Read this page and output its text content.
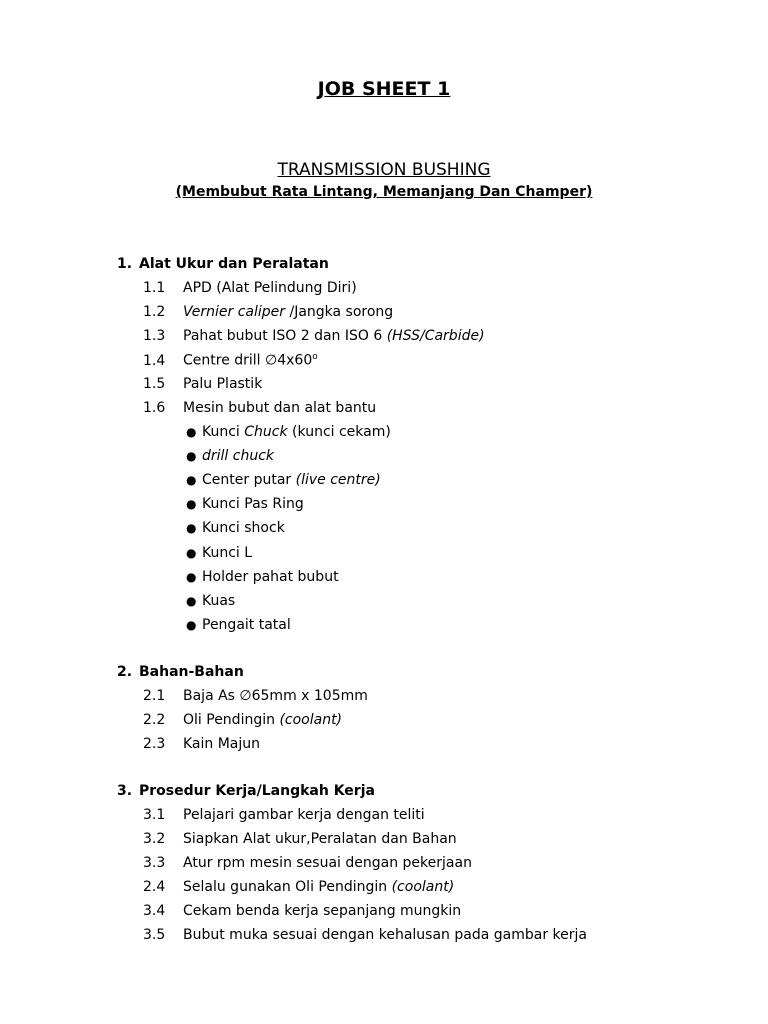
JOB SHEET 1
TRANSMISSION BUSHING
(Membubut Rata Lintang, Memanjang Dan Champer)
1. Alat Ukur dan Peralatan
1.1 APD (Alat Pelindung Diri)
1.2 Vernier caliper /Jangka sorong
1.3 Pahat bubut ISO 2 dan ISO 6 (HSS/Carbide)
1.4 Centre drill ∅4x60$^o$
1.5 Palu Plastik
1.6 Mesin bubut dan alat bantu
● Kunci Chuck (kunci cekam)
● drill chuck
● Center putar (live centre)
● Kunci Pas Ring
● Kunci shock
● Kunci L
● Holder pahat bubut
● Kuas
● Pengait tatal
2. Bahan-Bahan
2.1 Baja As ∅65mm x 105mm
2.2 Oli Pendingin (coolant)
2.3 Kain Majun
3. Prosedur Kerja/Langkah Kerja
3.1 Pelajari gambar kerja dengan teliti
3.2 Siapkan Alat ukur,Peralatan dan Bahan
3.3 Atur rpm mesin sesuai dengan pekerjaan
2.4 Selalu gunakan Oli Pendingin (coolant)
3.4 Cekam benda kerja sepanjang mungkin
3.5 Bubut muka sesuai dengan kehalusan pada gambar kerja
